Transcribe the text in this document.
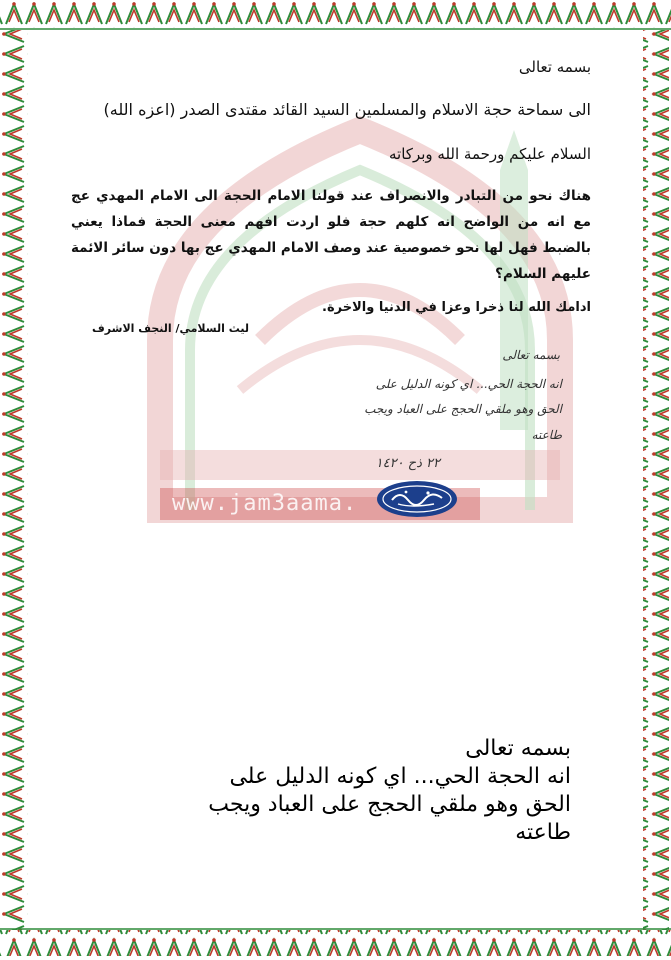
www.jam3aama.
بسمه تعالى
الى سماحة حجة الاسلام والمسلمين السيد القائد مقتدى الصدر (اعزه الله)
السلام عليكم ورحمة الله وبركاته
هناك نحو من التبادر والانصراف عند قولنا الامام الحجة الى الامام المهدي عج مع انه من الواضح انه كلهم حجة فلو اردت افهم معنى الحجة فماذا يعني بالضبط فهل لها نحو خصوصية عند وصف الامام المهدي عج بها دون سائر الائمة عليهم السلام؟
ادامك الله لنا ذخرا وعزا في الدنيا والاخرة.
ليث السلامي/ النجف الاشرف
بسمه تعالى
انه الحجة الحي... اي كونه الدليل على
الحق وهو ملقي الحجج على العباد ويجب
طاعته
٢٢ ذح ١٤٢٠
بسمه تعالى
انه الحجة الحي... اي كونه الدليل على
الحق وهو ملقي الحجج على العباد ويجب
طاعته
